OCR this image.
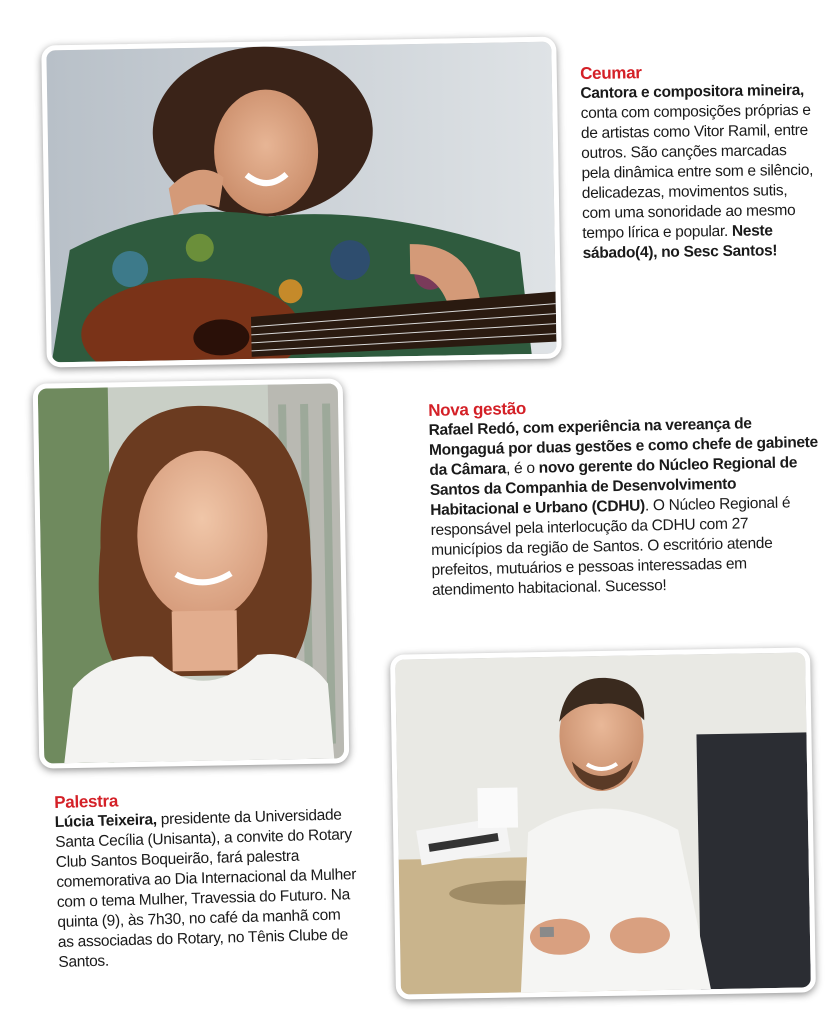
Ceumar
Cantora e compositora mineira, conta com composições próprias e de artistas como Vitor Ramil, entre outros. São canções marcadas pela dinâmica entre som e silêncio, delicadezas, movimentos sutis, com uma sonoridade ao mesmo tempo lírica e popular. Neste sábado(4), no Sesc Santos!
Nova gestão
Rafael Redó, com experiência na vereança de Mongaguá por duas gestões e como chefe de gabinete da Câmara, é o novo gerente do Núcleo Regional de Santos da Companhia de Desenvolvimento Habitacional e Urbano (CDHU). O Núcleo Regional é responsável pela interlocução da CDHU com 27 municípios da região de Santos. O escritório atende prefeitos, mutuários e pessoas interessadas em atendimento habitacional. Sucesso!
Palestra
Lúcia Teixeira, presidente da Universidade Santa Cecília (Unisanta), a convite do Rotary Club Santos Boqueirão, fará palestra comemorativa ao Dia Internacional da Mulher com o tema Mulher, Travessia do Futuro. Na quinta (9), às 7h30, no café da manhã com as associadas do Rotary, no Tênis Clube de Santos.
